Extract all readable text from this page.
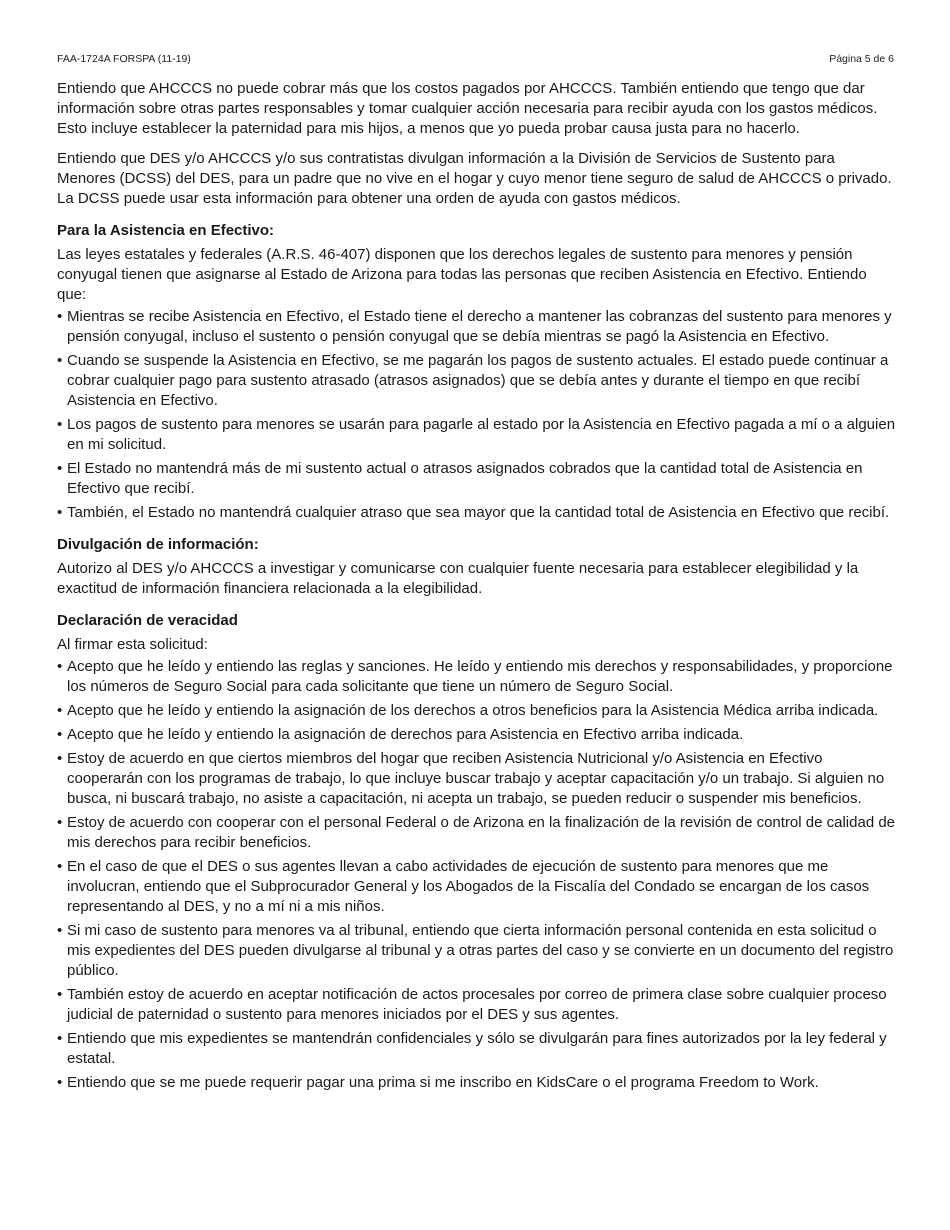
FAA-1724A FORSPA (11-19)	Página 5 de 6

Entiendo que AHCCCS no puede cobrar más que los costos pagados por AHCCCS. También entiendo que tengo que dar información sobre otras partes responsables y tomar cualquier acción necesaria para recibir ayuda con los gastos médicos. Esto incluye establecer la paternidad para mis hijos, a menos que yo pueda probar causa justa para no hacerlo.

Entiendo que DES y/o AHCCCS y/o sus contratistas divulgan información a la División de Servicios de Sustento para Menores (DCSS) del DES, para un padre que no vive en el hogar y cuyo menor tiene seguro de salud de AHCCCS o privado. La DCSS puede usar esta información para obtener una orden de ayuda con gastos médicos.

Para la Asistencia en Efectivo:

Las leyes estatales y federales (A.R.S. 46-407) disponen que los derechos legales de sustento para menores y pensión conyugal tienen que asignarse al Estado de Arizona para todas las personas que reciben Asistencia en Efectivo. Entiendo que:

• Mientras se recibe Asistencia en Efectivo, el Estado tiene el derecho a mantener las cobranzas del sustento para menores y pensión conyugal, incluso el sustento o pensión conyugal que se debía mientras se pagó la Asistencia en Efectivo.
• Cuando se suspende la Asistencia en Efectivo, se me pagarán los pagos de sustento actuales. El estado puede continuar a cobrar cualquier pago para sustento atrasado (atrasos asignados) que se debía antes y durante el tiempo en que recibí Asistencia en Efectivo.
• Los pagos de sustento para menores se usarán para pagarle al estado por la Asistencia en Efectivo pagada a mí o a alguien en mi solicitud.
• El Estado no mantendrá más de mi sustento actual o atrasos asignados cobrados que la cantidad total de Asistencia en Efectivo que recibí.
• También, el Estado no mantendrá cualquier atraso que sea mayor que la cantidad total de Asistencia en Efectivo que recibí.
Divulgación de información:

Autorizo al DES y/o AHCCCS a investigar y comunicarse con cualquier fuente necesaria para establecer elegibilidad y la exactitud de información financiera relacionada a la elegibilidad.

Declaración de veracidad

Al firmar esta solicitud:

• Acepto que he leído y entiendo las reglas y sanciones. He leído y entiendo mis derechos y responsabilidades, y proporcione los números de Seguro Social para cada solicitante que tiene un número de Seguro Social.
• Acepto que he leído y entiendo la asignación de los derechos a otros beneficios para la Asistencia Médica arriba indicada.
• Acepto que he leído y entiendo la asignación de derechos para Asistencia en Efectivo arriba indicada.
• Estoy de acuerdo en que ciertos miembros del hogar que reciben Asistencia Nutricional y/o Asistencia en Efectivo cooperarán con los programas de trabajo, lo que incluye buscar trabajo y aceptar capacitación y/o un trabajo. Si alguien no busca, ni buscará trabajo, no asiste a capacitación, ni acepta un trabajo, se pueden reducir o suspender mis beneficios.
• Estoy de acuerdo con cooperar con el personal Federal o de Arizona en la finalización de la revisión de control de calidad de mis derechos para recibir beneficios.
• En el caso de que el DES o sus agentes llevan a cabo actividades de ejecución de sustento para menores que me involucran, entiendo que el Subprocurador General y los Abogados de la Fiscalía del Condado se encargan de los casos representando al DES, y no a mí ni a mis niños.
• Si mi caso de sustento para menores va al tribunal, entiendo que cierta información personal contenida en esta solicitud o mis expedientes del DES pueden divulgarse al tribunal y a otras partes del caso y se convierte en un documento del registro público.
• También estoy de acuerdo en aceptar notificación de actos procesales por correo de primera clase sobre cualquier proceso judicial de paternidad o sustento para menores iniciados por el DES y sus agentes.
• Entiendo que mis expedientes se mantendrán confidenciales y sólo se divulgarán para fines autorizados por la ley federal y estatal.
• Entiendo que se me puede requerir pagar una prima si me inscribo en KidsCare o el programa Freedom to Work.
